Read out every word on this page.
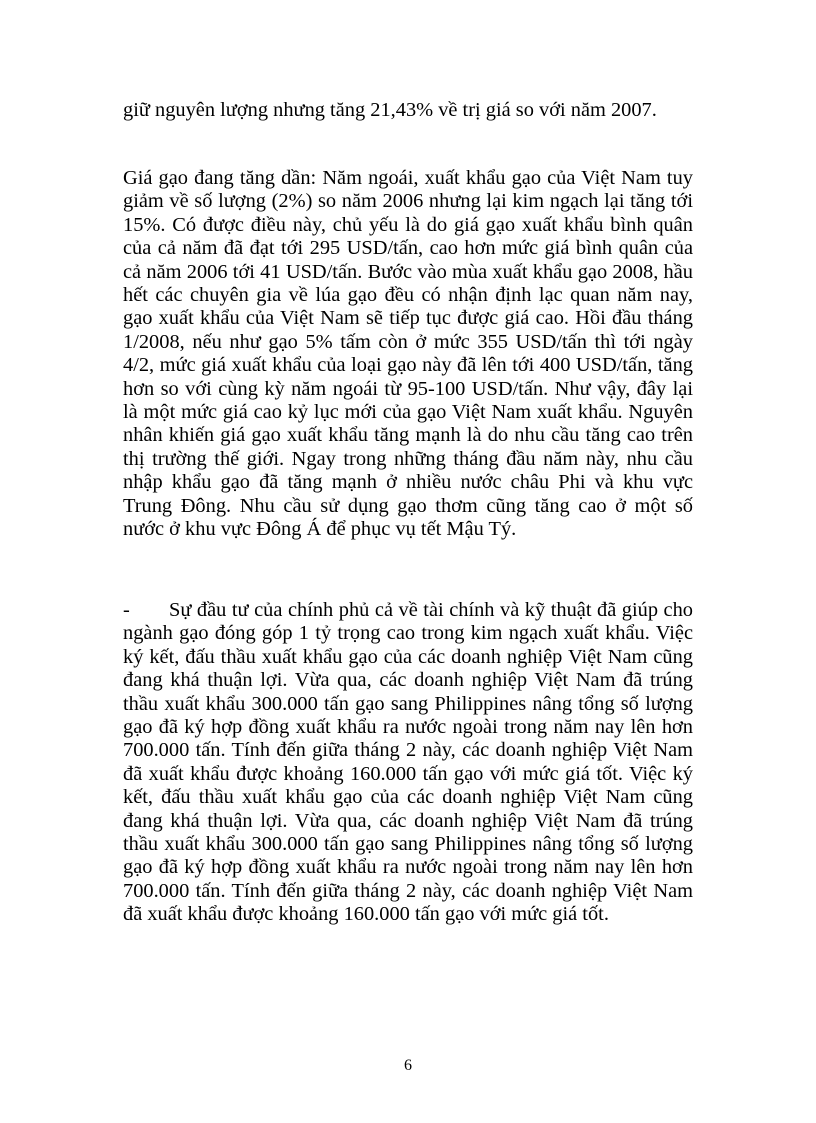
giữ nguyên lượng nhưng tăng 21,43% về trị giá so với năm 2007.

Giá gạo đang tăng dần: Năm ngoái, xuất khẩu gạo của Việt Nam tuy giảm về số lượng (2%) so năm 2006 nhưng lại kim ngạch lại tăng tới 15%. Có được điều này, chủ yếu là do giá gạo xuất khẩu bình quân của cả năm đã đạt tới 295 USD/tấn, cao hơn mức giá bình quân của cả năm 2006 tới 41 USD/tấn. Bước vào mùa xuất khẩu gạo 2008, hầu hết các chuyên gia về lúa gạo đều có nhận định lạc quan năm nay, gạo xuất khẩu của Việt Nam sẽ tiếp tục được giá cao. Hồi đầu tháng 1/2008, nếu như gạo 5% tấm còn ở mức 355 USD/tấn thì tới ngày 4/2, mức giá xuất khẩu của loại gạo này đã lên tới 400 USD/tấn, tăng hơn so với cùng kỳ năm ngoái từ 95-100 USD/tấn. Như vậy, đây lại là một mức giá cao kỷ lục mới của gạo Việt Nam xuất khẩu. Nguyên nhân khiến giá gạo xuất khẩu tăng mạnh là do nhu cầu tăng cao trên thị trường thế giới. Ngay trong những tháng đầu năm này, nhu cầu nhập khẩu gạo đã tăng mạnh ở nhiều nước châu Phi và khu vực Trung Đông. Nhu cầu sử dụng gạo thơm cũng tăng cao ở một số nước ở khu vực Đông Á để phục vụ tết Mậu Tý.

- Sự đầu tư của chính phủ cả về tài chính và kỹ thuật đã giúp cho ngành gạo đóng góp 1 tỷ trọng cao trong kim ngạch xuất khẩu. Việc ký kết, đấu thầu xuất khẩu gạo của các doanh nghiệp Việt Nam cũng đang khá thuận lợi. Vừa qua, các doanh nghiệp Việt Nam đã trúng thầu xuất khẩu 300.000 tấn gạo sang Philippines nâng tổng số lượng gạo đã ký hợp đồng xuất khẩu ra nước ngoài trong năm nay lên hơn 700.000 tấn. Tính đến giữa tháng 2 này, các doanh nghiệp Việt Nam đã xuất khẩu được khoảng 160.000 tấn gạo với mức giá tốt. Việc ký kết, đấu thầu xuất khẩu gạo của các doanh nghiệp Việt Nam cũng đang khá thuận lợi. Vừa qua, các doanh nghiệp Việt Nam đã trúng thầu xuất khẩu 300.000 tấn gạo sang Philippines nâng tổng số lượng gạo đã ký hợp đồng xuất khẩu ra nước ngoài trong năm nay lên hơn 700.000 tấn. Tính đến giữa tháng 2 này, các doanh nghiệp Việt Nam đã xuất khẩu được khoảng 160.000 tấn gạo với mức giá tốt.

6
